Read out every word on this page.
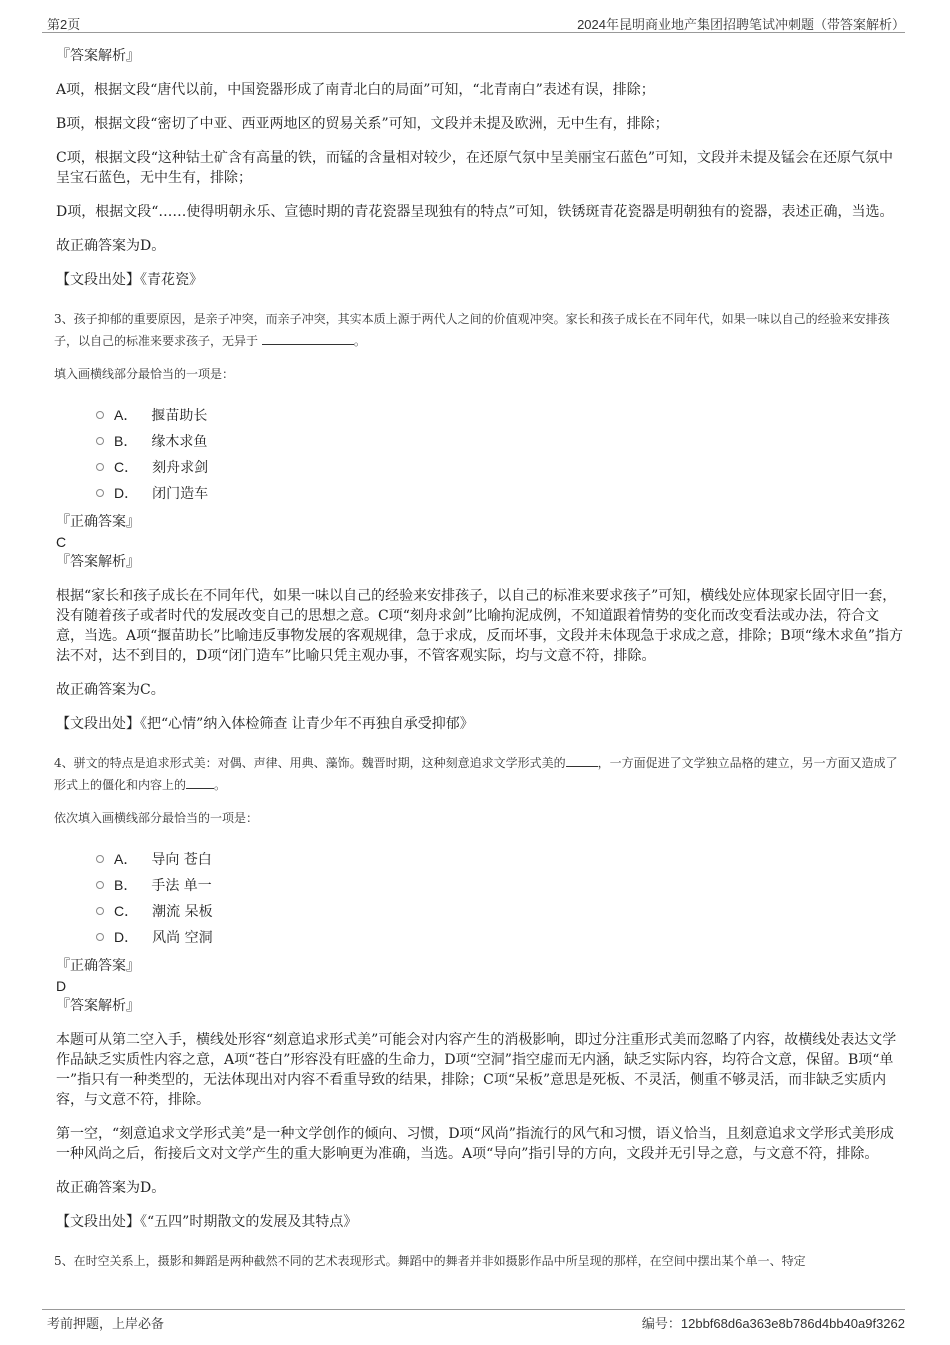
第2页	2024年昆明商业地产集团招聘笔试冲刺题（带答案解析）

『答案解析』

A项，根据文段“唐代以前，中国瓷器形成了南青北白的局面”可知，“北青南白”表述有误，排除；

B项，根据文段“密切了中亚、西亚两地区的贸易关系”可知，文段并未提及欧洲，无中生有，排除；

C项，根据文段“这种钴土矿含有高量的铁，而锰的含量相对较少，在还原气氛中呈美丽宝石蓝色”可知，文段并未提及锰会在还原气氛中呈宝石蓝色，无中生有，排除；

D项，根据文段“……使得明朝永乐、宣德时期的青花瓷器呈现独有的特点”可知，铁锈斑青花瓷器是明朝独有的瓷器，表述正确，当选。

故正确答案为D。

【文段出处】《青花瓷》

3、孩子抑郁的重要原因，是亲子冲突，而亲子冲突，其实本质上源于两代人之间的价值观冲突。家长和孩子成长在不同年代，如果一味以自己的经验来安排孩子，以自己的标准来要求孩子，无异于	。

填入画横线部分最恰当的一项是：

A． 揠苗助长
B． 缘木求鱼
C． 刻舟求剑
D． 闭门造车

『正确答案』

C

『答案解析』

根据“家长和孩子成长在不同年代，如果一味以自己的经验来安排孩子，以自己的标准来要求孩子”可知，横线处应体现家长固守旧一套，没有随着孩子或者时代的发展改变自己的思想之意。C项“刻舟求剑”比喻拘泥成例，不知道跟着情势的变化而改变看法或办法，符合文意，当选。A项“揠苗助长”比喻违反事物发展的客观规律，急于求成，反而坏事，文段并未体现急于求成之意，排除；B项“缘木求鱼”指方法不对，达不到目的，D项“闭门造车”比喻只凭主观办事，不管客观实际，均与文意不符，排除。

故正确答案为C。

【文段出处】《把“心情”纳入体检筛查 让青少年不再独自承受抑郁》

4、骈文的特点是追求形式美：对偶、声律、用典、藻饰。魏晋时期，这种刻意追求文学形式美的	，一方面促进了文学独立品格的建立，另一方面又造成了形式上的僵化和内容上的 。

依次填入画横线部分最恰当的一项是：

A． 导向 苍白
B． 手法 单一
C． 潮流 呆板
D． 风尚 空洞

『正确答案』

D

『答案解析』

本题可从第二空入手，横线处形容“刻意追求形式美”可能会对内容产生的消极影响，即过分注重形式美而忽略了内容，故横线处表达文学作品缺乏实质性内容之意，A项“苍白”形容没有旺盛的生命力，D项“空洞”指空虚而无内涵，缺乏实际内容，均符合文意，保留。B项“单一”指只有一种类型的，无法体现出对内容不看重导致的结果，排除；C项“呆板”意思是死板、不灵活，侧重不够灵活，而非缺乏实质内容，与文意不符，排除。

第一空，“刻意追求文学形式美”是一种文学创作的倾向、习惯，D项“风尚”指流行的风气和习惯，语义恰当，且刻意追求文学形式美形成一种风尚之后，衔接后文对文学产生的重大影响更为准确，当选。A项“导向”指引导的方向，文段并无引导之意，与文意不符，排除。

故正确答案为D。

【文段出处】《“五四”时期散文的发展及其特点》

5、在时空关系上，摄影和舞蹈是两种截然不同的艺术表现形式。舞蹈中的舞者并非如摄影作品中所呈现的那样，在空间中摆出某个单一、特定

考前押题，上岸必备	编号：12bbf68d6a363e8b786d4bb40a9f3262
